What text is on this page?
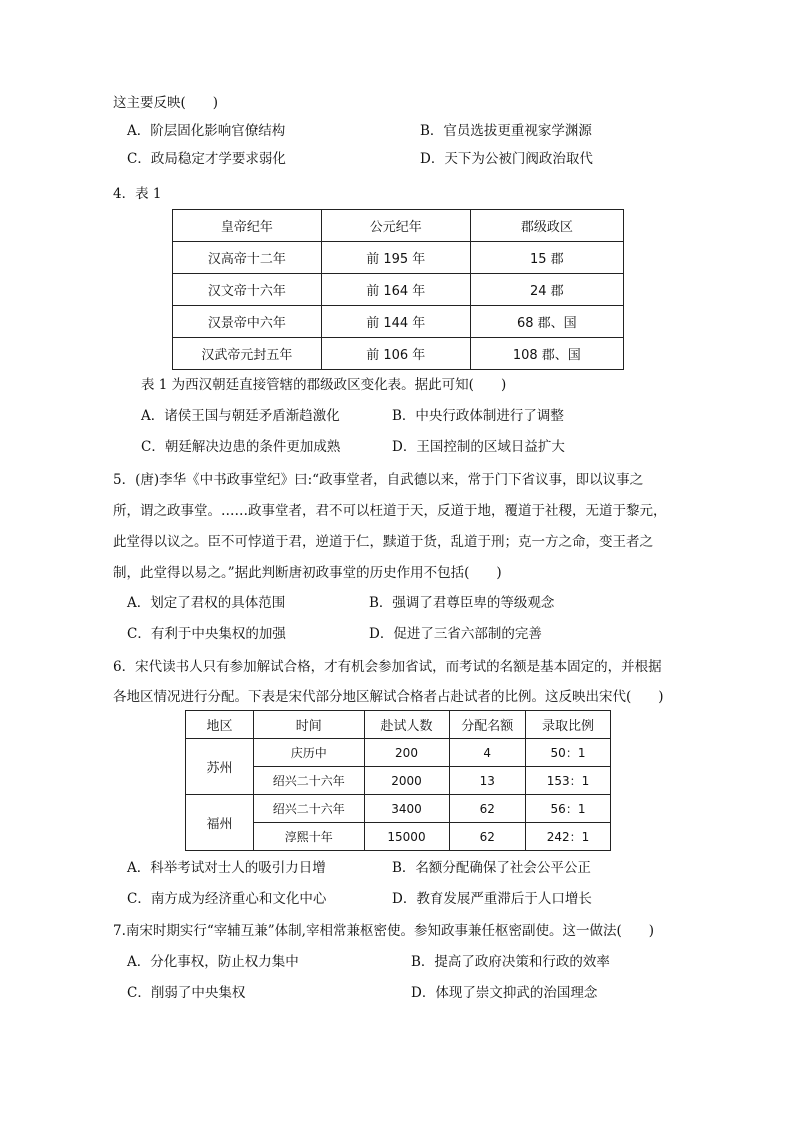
这主要反映(　　)
A．阶层固化影响官僚结构	B．官员选拔更重视家学渊源
C．政局稳定才学要求弱化	D．天下为公被门阀政治取代
4．表 1
皇帝纪年	公元纪年	郡级政区
汉高帝十二年	前 195 年	15 郡
汉文帝十六年	前 164 年	24 郡
汉景帝中六年	前 144 年	68 郡、国
汉武帝元封五年	前 106 年	108 郡、国
表 1 为西汉朝廷直接管辖的郡级政区变化表。据此可知(　　)
A．诸侯王国与朝廷矛盾渐趋激化	B．中央行政体制进行了调整
C．朝廷解决边患的条件更加成熟	D．王国控制的区域日益扩大
5．(唐)李华《中书政事堂纪》曰:“政事堂者，自武德以来，常于门下省议事，即以议事之
所，谓之政事堂。……政事堂者，君不可以枉道于天，反道于地，覆道于社稷，无道于黎元，
此堂得以议之。臣不可悖道于君，逆道于仁，黩道于货，乱道于刑；克一方之命，变王者之
制，此堂得以易之。”据此判断唐初政事堂的历史作用不包括(　　)
A．划定了君权的具体范围	B．强调了君尊臣卑的等级观念
C．有利于中央集权的加强	D．促进了三省六部制的完善
6．宋代读书人只有参加解试合格，才有机会参加省试，而考试的名额是基本固定的，并根据
各地区情况进行分配。下表是宋代部分地区解试合格者占赴试者的比例。这反映出宋代(　　)
地区	时间	赴试人数	分配名额	录取比例
苏州	庆历中	200	4	50：1
	绍兴二十六年	2000	13	153：1
福州	绍兴二十六年	3400	62	56：1
	淳熙十年	15000	62	242：1
A．科举考试对士人的吸引力日增	B．名额分配确保了社会公平公正
C．南方成为经济重心和文化中心	D．教育发展严重滞后于人口增长
7.南宋时期实行“宰辅互兼”体制,宰相常兼枢密使。参知政事兼任枢密副使。这一做法(　　)
A．分化事权，防止权力集中	B．提高了政府决策和行政的效率
C．削弱了中央集权	D．体现了崇文抑武的治国理念
